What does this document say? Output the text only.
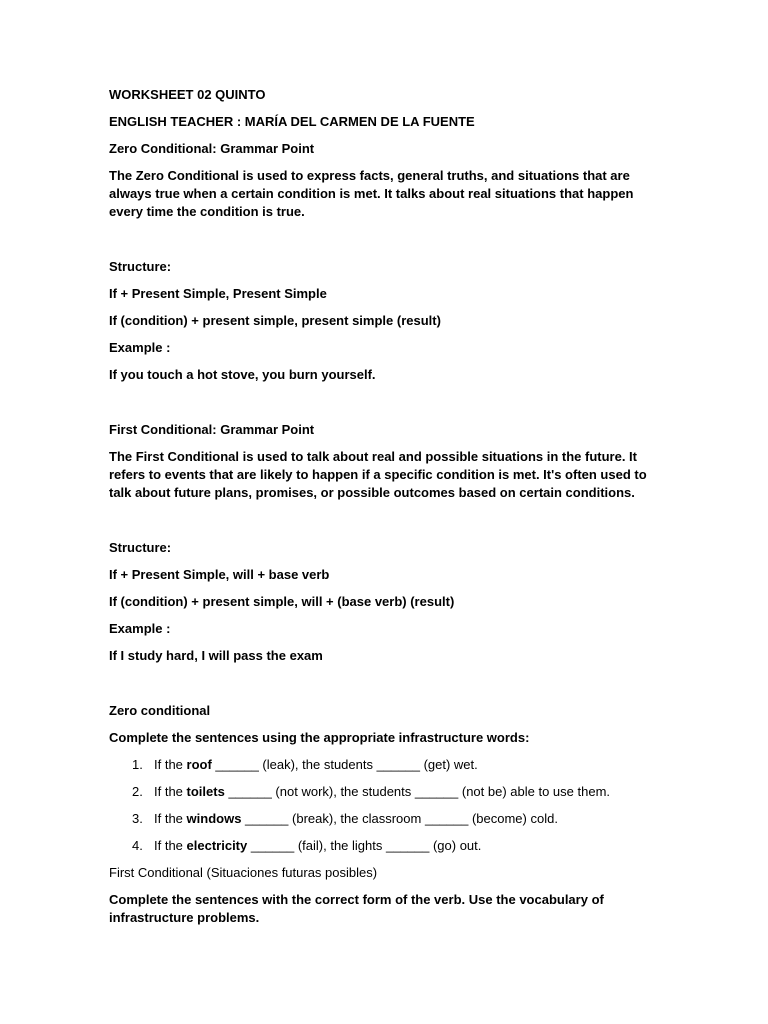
WORKSHEET 02 QUINTO

ENGLISH TEACHER : MARÍA DEL CARMEN DE LA FUENTE

Zero Conditional: Grammar Point

The Zero Conditional is used to express facts, general truths, and situations that are always true when a certain condition is met. It talks about real situations that happen every time the condition is true.

Structure:

If + Present Simple, Present Simple

If (condition) + present simple, present simple (result)

Example :

If you touch a hot stove, you burn yourself.

First Conditional: Grammar Point

The First Conditional is used to talk about real and possible situations in the future. It refers to events that are likely to happen if a specific condition is met. It's often used to talk about future plans, promises, or possible outcomes based on certain conditions.

Structure:

If + Present Simple, will + base verb

If (condition) + present simple, will + (base verb) (result)

Example :

If I study hard, I will pass the exam

Zero conditional

Complete the sentences using the appropriate infrastructure words:

1. If the roof ______ (leak), the students ______ (get) wet.
2. If the toilets ______ (not work), the students ______ (not be) able to use them.
3. If the windows ______ (break), the classroom ______ (become) cold.
4. If the electricity ______ (fail), the lights ______ (go) out.

First Conditional (Situaciones futuras posibles)

Complete the sentences with the correct form of the verb. Use the vocabulary of infrastructure problems.
